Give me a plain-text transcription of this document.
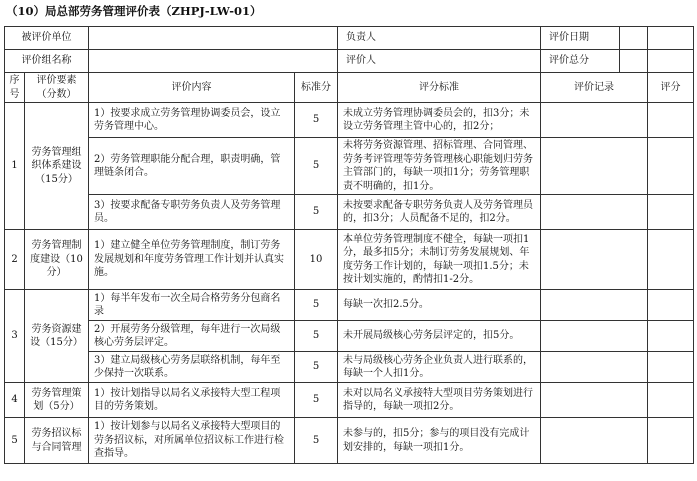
（10）局总部劳务管理评价表（ZHPJ-LW-01）
被评价单位				负责人	评价日期	

评价组名称				评价人	评价总分	

序号	评价要素（分数）	评价内容	标准分	评分标准	评价记录	评分
1	劳务管理组织体系建设（15分）	1）按要求成立劳务管理协调委员会，设立劳务管理中心。	5	未成立劳务管理协调委员会的，扣3分；未设立劳务管理主管中心的，扣2分；		
		2）劳务管理职能分配合理，职责明确，管理链条闭合。	5	未将劳务资源管理、招标管理、合同管理、劳务考评管理等劳务管理核心职能划归劳务主管部门的，每缺一项扣1分；劳务管理职责不明确的，扣1分。		
		3）按要求配备专职劳务负责人及劳务管理员。	5	未按要求配备专职劳务负责人及劳务管理员的，扣3分；人员配备不足的，扣2分。		
2	劳务管理制度建设（10分）	1）建立健全单位劳务管理制度，制订劳务发展规划和年度劳务管理工作计划并认真实施。	10	本单位劳务管理制度不健全，每缺一项扣1分，最多扣5分；未制订劳务发展规划、年度劳务工作计划的，每缺一项扣1.5分；未按计划实施的，酌情扣1-2分。		
3	劳务资源建设（15分）	1）每半年发布一次全局合格劳务分包商名录	5	每缺一次扣2.5分。		
		2）开展劳务分级管理，每年进行一次局级核心劳务层评定。	5	未开展局级核心劳务层评定的，扣5分。		
		3）建立局级核心劳务层联络机制，每年至少保持一次联系。	5	未与局级核心劳务企业负责人进行联系的，每缺一个人扣1分。		
4	劳务管理策划（5分）	1）按计划指导以局名义承接特大型工程项目的劳务策划。	5	未对以局名义承接特大型项目劳务策划进行指导的，每缺一项扣2分。		
5	劳务招议标与合同管理	1）按计划参与以局名义承接特大型项目的劳务招议标，对所属单位招议标工作进行检查指导。	5	未参与的，扣5分；参与的项目没有完成计划安排的，每缺一项扣1分。		
